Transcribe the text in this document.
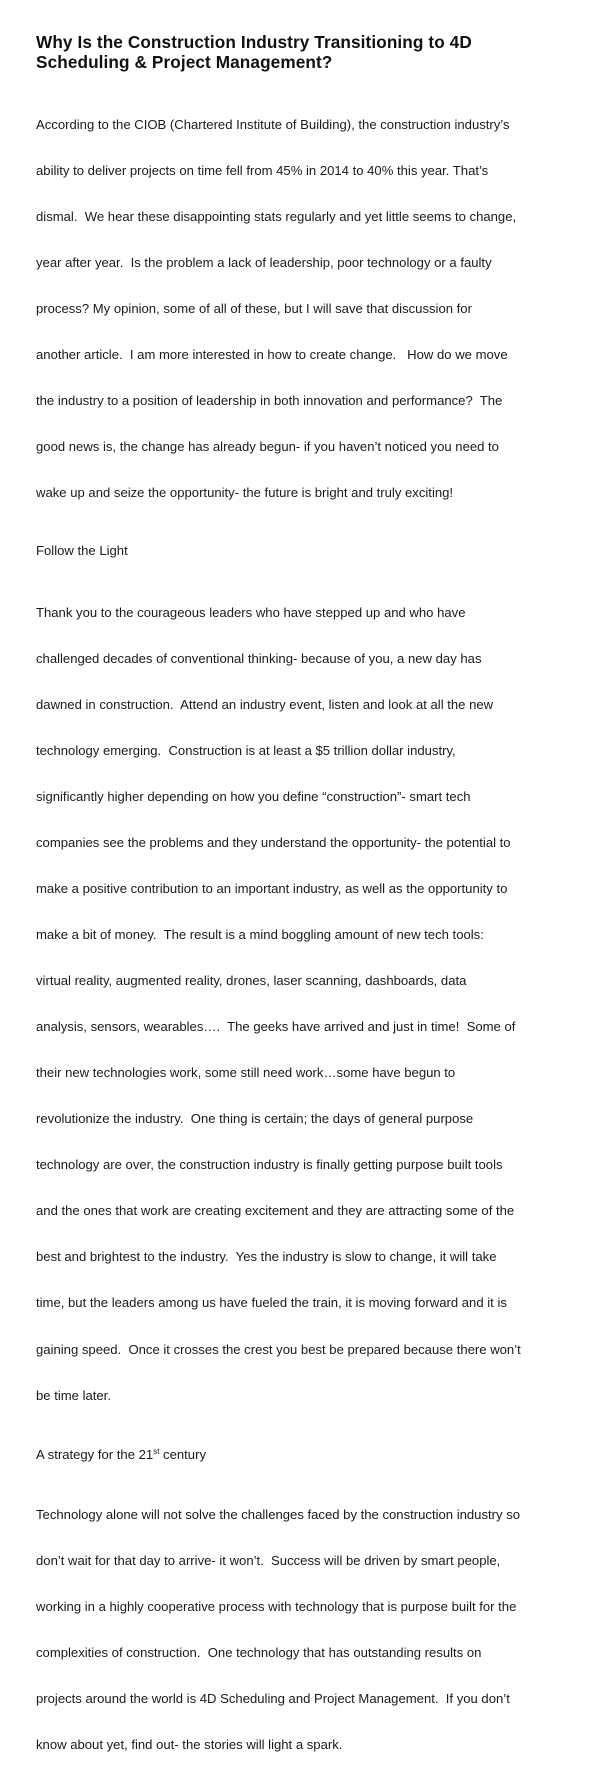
Why Is the Construction Industry Transitioning to 4D
Scheduling & Project Management?

According to the CIOB (Chartered Institute of Building), the construction industry’s

ability to deliver projects on time fell from 45% in 2014 to 40% this year. That’s

dismal.  We hear these disappointing stats regularly and yet little seems to change,

year after year.  Is the problem a lack of leadership, poor technology or a faulty

process? My opinion, some of all of these, but I will save that discussion for

another article.  I am more interested in how to create change.   How do we move

the industry to a position of leadership in both innovation and performance?  The

good news is, the change has already begun- if you haven’t noticed you need to

wake up and seize the opportunity- the future is bright and truly exciting!

Follow the Light

Thank you to the courageous leaders who have stepped up and who have

challenged decades of conventional thinking- because of you, a new day has

dawned in construction.  Attend an industry event, listen and look at all the new

technology emerging.  Construction is at least a $5 trillion dollar industry,

significantly higher depending on how you define “construction”- smart tech

companies see the problems and they understand the opportunity- the potential to

make a positive contribution to an important industry, as well as the opportunity to

make a bit of money.  The result is a mind boggling amount of new tech tools:

virtual reality, augmented reality, drones, laser scanning, dashboards, data

analysis, sensors, wearables….  The geeks have arrived and just in time!  Some of

their new technologies work, some still need work…some have begun to

revolutionize the industry.  One thing is certain; the days of general purpose

technology are over, the construction industry is finally getting purpose built tools

and the ones that work are creating excitement and they are attracting some of the

best and brightest to the industry.  Yes the industry is slow to change, it will take

time, but the leaders among us have fueled the train, it is moving forward and it is

gaining speed.  Once it crosses the crest you best be prepared because there won’t

be time later.

A strategy for the 21st century

Technology alone will not solve the challenges faced by the construction industry so

don’t wait for that day to arrive- it won’t.  Success will be driven by smart people,

working in a highly cooperative process with technology that is purpose built for the

complexities of construction.  One technology that has outstanding results on

projects around the world is 4D Scheduling and Project Management.  If you don’t

know about yet, find out- the stories will light a spark.
